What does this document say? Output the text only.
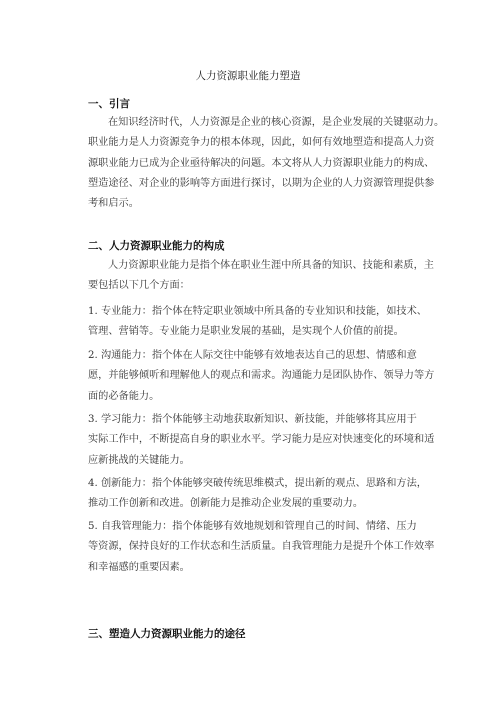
人力资源职业能力塑造
一、引言

在知识经济时代，人力资源是企业的核心资源，是企业发展的关键驱动力。
职业能力是人力资源竞争力的根本体现，因此，如何有效地塑造和提高人力资
源职业能力已成为企业亟待解决的问题。本文将从人力资源职业能力的构成、
塑造途径、对企业的影响等方面进行探讨，以期为企业的人力资源管理提供参
考和启示。

二、人力资源职业能力的构成

人力资源职业能力是指个体在职业生涯中所具备的知识、技能和素质，主
要包括以下几个方面：

1. 专业能力：指个体在特定职业领域中所具备的专业知识和技能，如技术、
管理、营销等。专业能力是职业发展的基础，是实现个人价值的前提。

2. 沟通能力：指个体在人际交往中能够有效地表达自己的思想、情感和意
愿，并能够倾听和理解他人的观点和需求。沟通能力是团队协作、领导力等方
面的必备能力。

3. 学习能力：指个体能够主动地获取新知识、新技能，并能够将其应用于
实际工作中，不断提高自身的职业水平。学习能力是应对快速变化的环境和适
应新挑战的关键能力。

4. 创新能力：指个体能够突破传统思维模式，提出新的观点、思路和方法，
推动工作创新和改进。创新能力是推动企业发展的重要动力。

5. 自我管理能力：指个体能够有效地规划和管理自己的时间、情绪、压力
等资源，保持良好的工作状态和生活质量。自我管理能力是提升个体工作效率
和幸福感的重要因素。

三、塑造人力资源职业能力的途径
